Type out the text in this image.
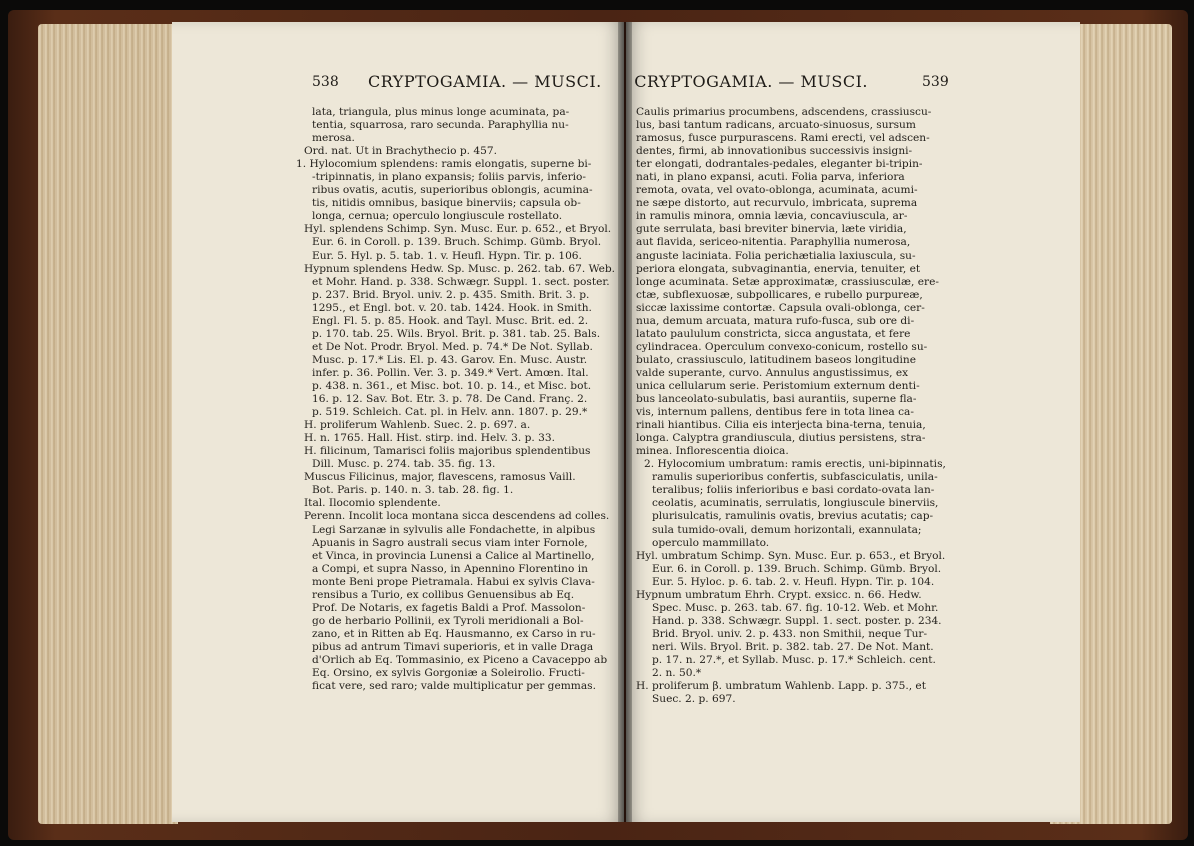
538 CRYPTOGAMIA. — MUSCI.
lata, triangula, plus minus longe acuminata, pa-
tentia, squarrosa, raro secunda. Paraphyllia nu-
merosa.
Ord. nat. Ut in Brachythecio p. 457.
1. Hylocomium splendens: ramis elongatis, superne bi-
-tripinnatis, in plano expansis; foliis parvis, inferio-
ribus ovatis, acutis, superioribus oblongis, acumina-
tis, nitidis omnibus, basique binerviis; capsula ob-
longa, cernua; operculo longiuscule rostellato.
Hyl. splendens Schimp. Syn. Musc. Eur. p. 652., et Bryol.
Eur. 6. in Coroll. p. 139. Bruch. Schimp. Gümb. Bryol.
Eur. 5. Hyl. p. 5. tab. 1. v. Heufl. Hypn. Tir. p. 106.
Hypnum splendens Hedw. Sp. Musc. p. 262. tab. 67. Web.
et Mohr. Hand. p. 338. Schwægr. Suppl. 1. sect. poster.
p. 237. Brid. Bryol. univ. 2. p. 435. Smith. Brit. 3. p.
1295., et Engl. bot. v. 20. tab. 1424. Hook. in Smith.
Engl. Fl. 5. p. 85. Hook. and Tayl. Musc. Brit. ed. 2.
p. 170. tab. 25. Wils. Bryol. Brit. p. 381. tab. 25. Bals.
et De Not. Prodr. Bryol. Med. p. 74.* De Not. Syllab.
Musc. p. 17.* Lis. El. p. 43. Garov. En. Musc. Austr.
infer. p. 36. Pollin. Ver. 3. p. 349.* Vert. Amœn. Ital.
p. 438. n. 361., et Misc. bot. 10. p. 14., et Misc. bot.
16. p. 12. Sav. Bot. Etr. 3. p. 78. De Cand. Franç. 2.
p. 519. Schleich. Cat. pl. in Helv. ann. 1807. p. 29.*
H. proliferum Wahlenb. Suec. 2. p. 697. a.
H. n. 1765. Hall. Hist. stirp. ind. Helv. 3. p. 33.
H. filicinum, Tamarisci foliis majoribus splendentibus
Dill. Musc. p. 274. tab. 35. fig. 13.
Muscus Filicinus, major, flavescens, ramosus Vaill.
Bot. Paris. p. 140. n. 3. tab. 28. fig. 1.
Ital. Ilocomio splendente.
Perenn. Incolit loca montana sicca descendens ad colles.
Legi Sarzanæ in sylvulis alle Fondachette, in alpibus
Apuanis in Sagro australi secus viam inter Fornole,
et Vinca, in provincia Lunensi a Calice al Martinello,
a Compi, et supra Nasso, in Apennino Florentino in
monte Beni prope Pietramala. Habui ex sylvis Clava-
rensibus a Turio, ex collibus Genuensibus ab Eq.
Prof. De Notaris, ex fagetis Baldi a Prof. Massolon-
go de herbario Pollinii, ex Tyroli meridionali a Bol-
zano, et in Ritten ab Eq. Hausmanno, ex Carso in ru-
pibus ad antrum Timavi superioris, et in valle Draga
d'Orlich ab Eq. Tommasinio, ex Piceno a Cavaceppo ab
Eq. Orsino, ex sylvis Gorgoniæ a Soleirolio. Fructi-
ficat vere, sed raro; valde multiplicatur per gemmas.
CRYPTOGAMIA. — MUSCI.	539
Caulis primarius procumbens, adscendens, crassiuscu-
lus, basi tantum radicans, arcuato-sinuosus, sursum
ramosus, fusce purpurascens. Rami erecti, vel adscen-
dentes, firmi, ab innovationibus successivis insigni-
ter elongati, dodrantales-pedales, eleganter bi-tripin-
nati, in plano expansi, acuti. Folia parva, inferiora
remota, ovata, vel ovato-oblonga, acuminata, acumi-
ne sæpe distorto, aut recurvulo, imbricata, suprema
in ramulis minora, omnia lævia, concaviuscula, ar-
gute serrulata, basi breviter binervia, læte viridia,
aut flavida, sericeo-nitentia. Paraphyllia numerosa,
anguste laciniata. Folia perichætialia laxiuscula, su-
periora elongata, subvaginantia, enervia, tenuiter, et
longe acuminata. Setæ approximatæ, crassiusculæ, ere-
ctæ, subflexuosæ, subpollicares, e rubello purpureæ,
siccæ laxissime contortæ. Capsula ovali-oblonga, cer-
nua, demum arcuata, matura rufo-fusca, sub ore di-
latato paululum constricta, sicca angustata, et fere
cylindracea. Operculum convexo-conicum, rostello su-
bulato, crassiusculo, latitudinem baseos longitudine
valde superante, curvo. Annulus angustissimus, ex
unica cellularum serie. Peristomium externum denti-
bus lanceolato-subulatis, basi aurantiis, superne fla-
vis, internum pallens, dentibus fere in tota linea ca-
rinali hiantibus. Cilia eis interjecta bina-terna, tenuia,
longa. Calyptra grandiuscula, diutius persistens, stra-
minea. Inflorescentia dioica.
2. Hylocomium umbratum: ramis erectis, uni-bipinnatis,
ramulis superioribus confertis, subfasciculatis, unila-
teralibus; foliis inferioribus e basi cordato-ovata lan-
ceolatis, acuminatis, serrulatis, longiuscule binerviis,
plurisulcatis, ramulinis ovatis, brevius acutatis; cap-
sula tumido-ovali, demum horizontali, exannulata;
operculo mammillato.
Hyl. umbratum Schimp. Syn. Musc. Eur. p. 653., et Bryol.
Eur. 6. in Coroll. p. 139. Bruch. Schimp. Gümb. Bryol.
Eur. 5. Hyloc. p. 6. tab. 2. v. Heufl. Hypn. Tir. p. 104.
Hypnum umbratum Ehrh. Crypt. exsicc. n. 66. Hedw.
Spec. Musc. p. 263. tab. 67. fig. 10-12. Web. et Mohr.
Hand. p. 338. Schwægr. Suppl. 1. sect. poster. p. 234.
Brid. Bryol. univ. 2. p. 433. non Smithii, neque Tur-
neri. Wils. Bryol. Brit. p. 382. tab. 27. De Not. Mant.
p. 17. n. 27.*, et Syllab. Musc. p. 17.* Schleich. cent.
2. n. 50.*
H. proliferum β. umbratum Wahlenb. Lapp. p. 375., et
Suec. 2. p. 697.
